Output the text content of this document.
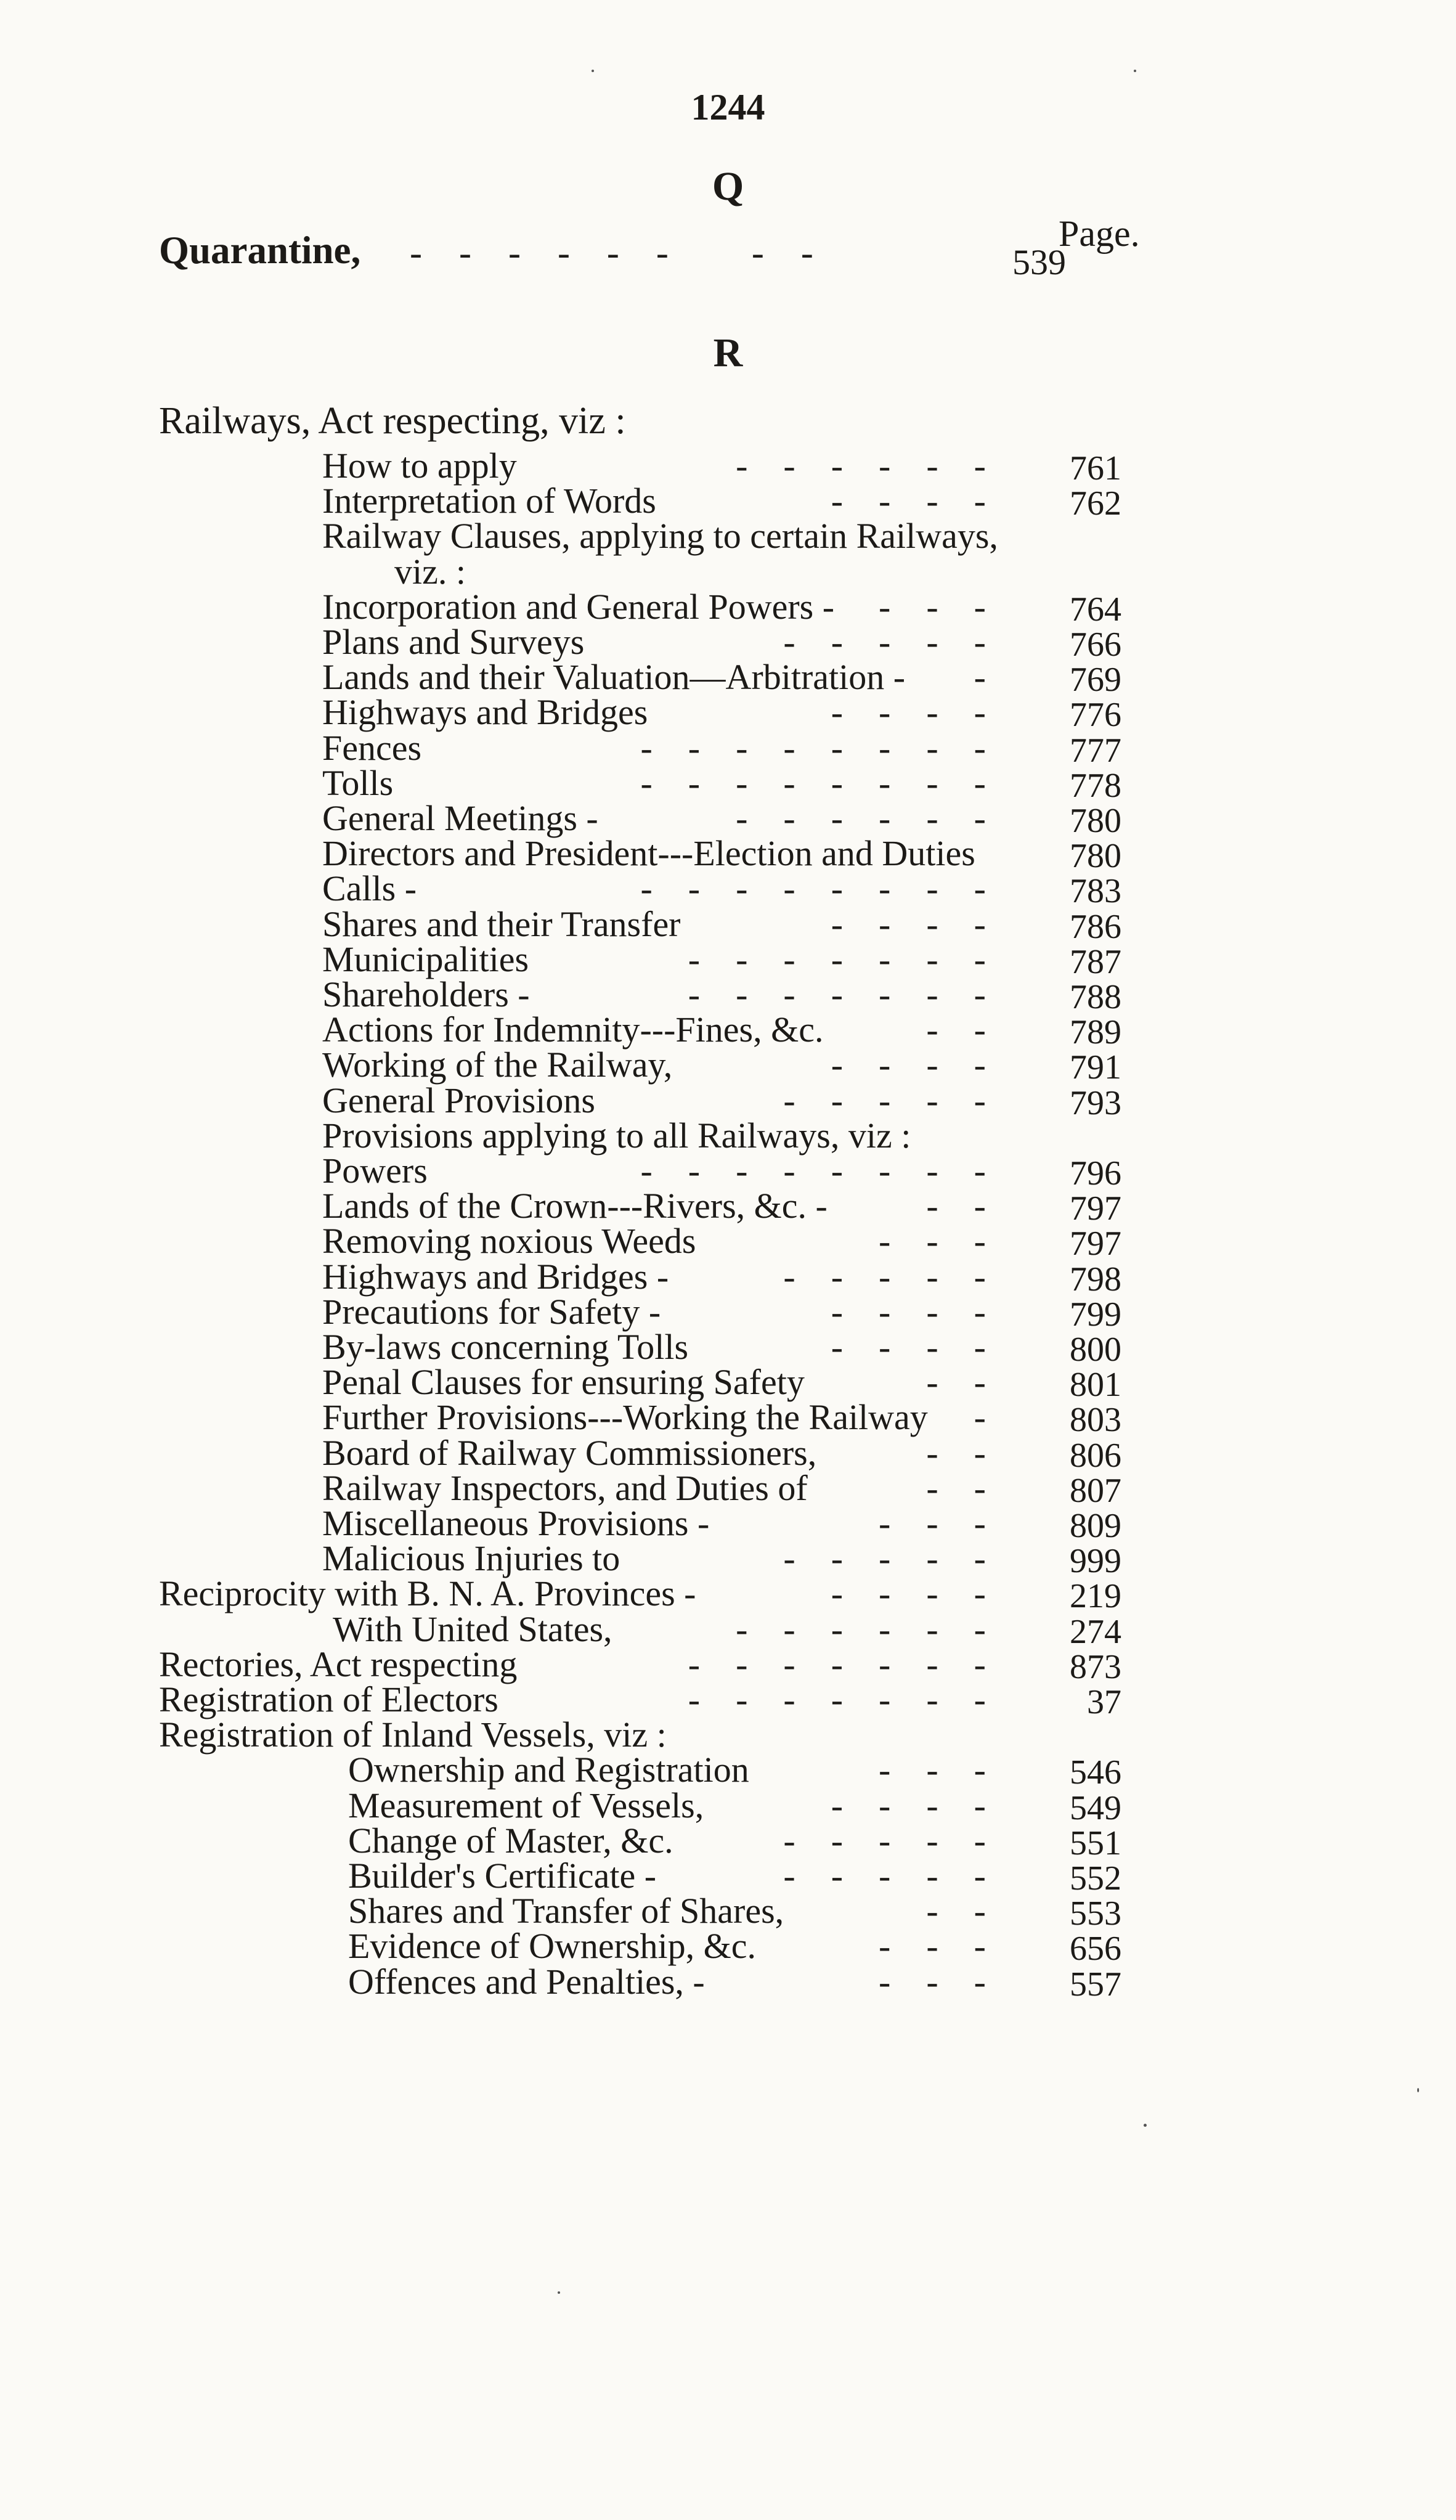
1244
Q
Page.
Quarantine, -    -    -    -    -    -         -    -	539
R
Railways, Act respecting, viz :
How to apply	-    -    -    -    -    -	761
Interpretation of Words	-    -    -    -	762
Railway Clauses, applying to certain Railways,
viz. :
Incorporation and General Powers - -    -    -	764
Plans and Surveys	-    -    -    -    -	766
Lands and their Valuation—Arbitration - -	769
Highways and Bridges	-    -    -    -	776
Fences	-    -    -    -    -    -    -    -	777
Tolls	-    -    -    -    -    -    -    -	778
General Meetings -	-    -    -    -    -    -	780
Directors and President---Election and Duties	780
Calls -	-    -    -    -    -    -    -    -	783
Shares and their Transfer	-    -    -    -	786
Municipalities	-    -    -    -    -    -    -	787
Shareholders -	-    -    -    -    -    -    -	788
Actions for Indemnity---Fines, &c.	-    -	789
Working of the Railway,	-    -    -    -	791
General Provisions	-    -    -    -    -	793
Provisions applying to all Railways, viz :
Powers	-    -    -    -    -    -    -    -	796
Lands of the Crown---Rivers, &c. -	-    -	797
Removing noxious Weeds	-    -    -	797
Highways and Bridges -	-    -    -    -    -	798
Precautions for Safety -	-    -    -    -	799
By-laws concerning Tolls	-    -    -    -	800
Penal Clauses for ensuring Safety	-    -	801
Further Provisions---Working the Railway -	803
Board of Railway Commissioners,	-    -	806
Railway Inspectors, and Duties of	-    -	807
Miscellaneous Provisions -	-    -    -	809
Malicious Injuries to	-    -    -    -    -	999
Reciprocity with B. N. A. Provinces -	-    -    -    -	219
With United States,	-    -    -    -    -    -	274
Rectories, Act respecting	-    -    -    -    -    -    -	873
Registration of Electors	-    -    -    -    -    -    -	37
Registration of Inland Vessels, viz :
Ownership and Registration	-    -    -	546
Measurement of Vessels,	-    -    -    -	549
Change of Master, &c.	-    -    -    -    -	551
Builder's Certificate -	-    -    -    -    -	552
Shares and Transfer of Shares,	-    -	553
Evidence of Ownership, &c.	-    -    -	656
Offences and Penalties, -	-    -    -	557
